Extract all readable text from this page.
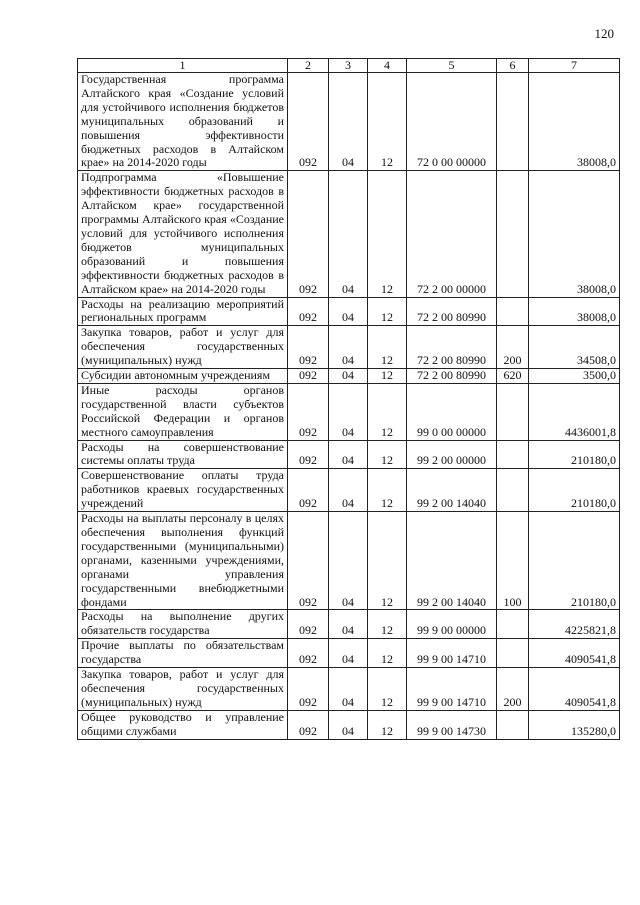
120
1	2	3	4	5	6	7
Государственная программа Алтайского края «Создание условий для устойчивого исполнения бюджетов муниципальных образований и повышения эффективности бюджетных расходов в Алтайском крае» на 2014-2020 годы	092	04	12	72 0 00 00000		38008,0
Подпрограмма «Повышение эффективности бюджетных расходов в Алтайском крае» государственной программы Алтайского края «Создание условий для устойчивого исполнения бюджетов муниципальных образований и повышения эффективности бюджетных расходов в Алтайском крае» на 2014-2020 годы	092	04	12	72 2 00 00000		38008,0
Расходы на реализацию мероприятий региональных программ	092	04	12	72 2 00 80990		38008,0
Закупка товаров, работ и услуг для обеспечения государственных (муниципальных) нужд	092	04	12	72 2 00 80990	200	34508,0
Субсидии автономным учреждениям	092	04	12	72 2 00 80990	620	3500,0
Иные расходы органов государственной власти субъектов Российской Федерации и органов местного самоуправления	092	04	12	99 0 00 00000		4436001,8
Расходы на совершенствование системы оплаты труда	092	04	12	99 2 00 00000		210180,0
Совершенствование оплаты труда работников краевых государственных учреждений	092	04	12	99 2 00 14040		210180,0
Расходы на выплаты персоналу в целях обеспечения выполнения функций государственными (муниципальными) органами, казенными учреждениями, органами управления государственными внебюджетными фондами	092	04	12	99 2 00 14040	100	210180,0
Расходы на выполнение других обязательств государства	092	04	12	99 9 00 00000		4225821,8
Прочие выплаты по обязательствам государства	092	04	12	99 9 00 14710		4090541,8
Закупка товаров, работ и услуг для обеспечения государственных (муниципальных) нужд	092	04	12	99 9 00 14710	200	4090541,8
Общее руководство и управление общими службами	092	04	12	99 9 00 14730		135280,0
